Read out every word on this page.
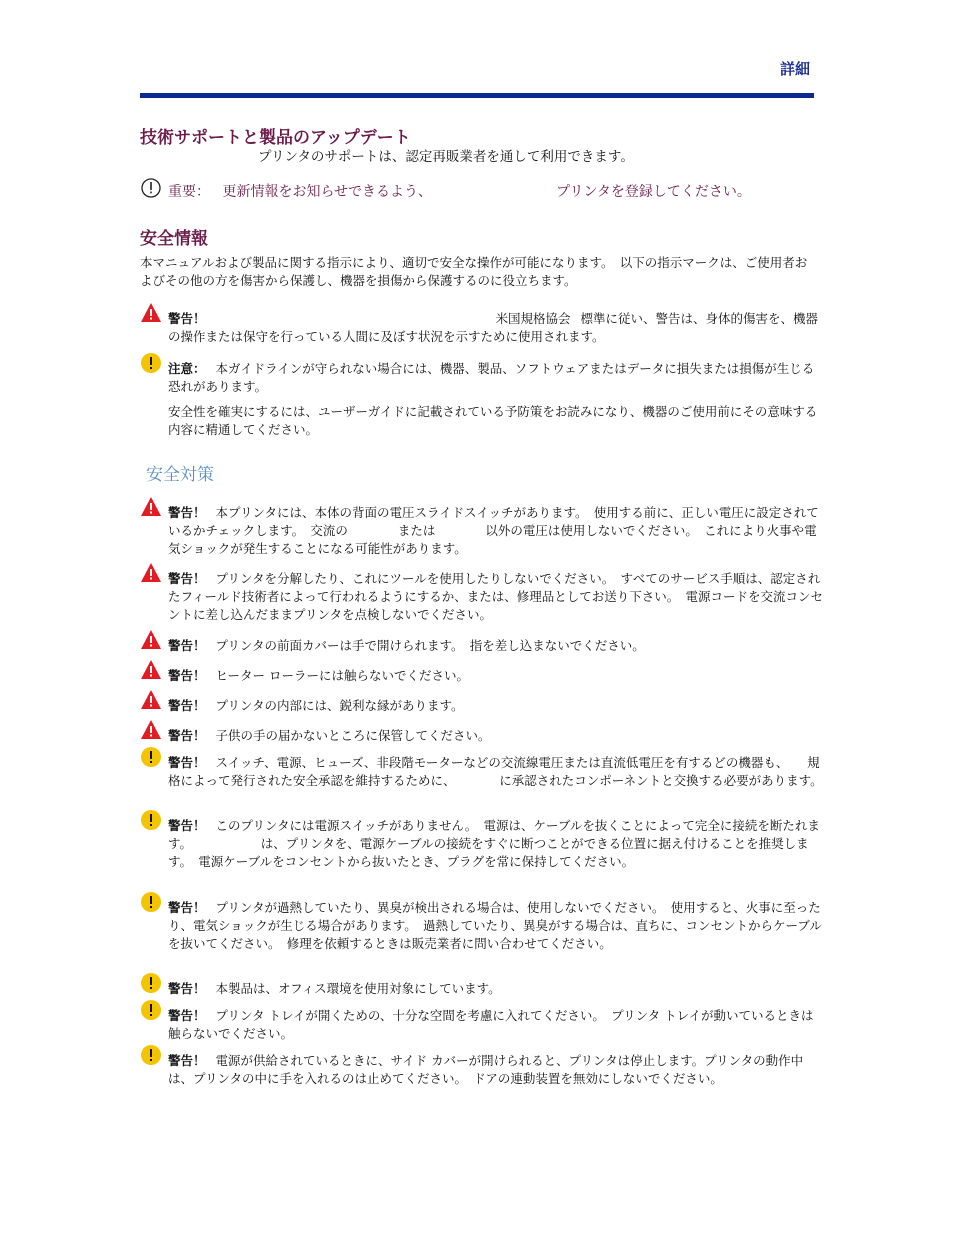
詳細
技術サポートと製品のアップデート
プリンタのサポートは、認定再販業者を通して利用できます。
重要： 更新情報をお知らせできるよう、	プリンタを登録してください。
安全情報
本マニュアルおよび製品に関する指示により、適切で安全な操作が可能になります。　以下の指示マークは、ご使用者およびその他の方を傷害から保護し、機器を損傷から保護するのに役立ちます。
警告！	米国規格協会 標準に従い、警告は、身体的傷害を、機器の操作または保守を行っている人間に及ぼす状況を示すために使用されます。
注意： 本ガイドラインが守られない場合には、機器、製品、ソフトウェアまたはデータに損失または損傷が生じる恐れがあります。
安全性を確実にするには、ユーザーガイドに記載されている予防策をお読みになり、機器のご使用前にその意味する内容に精通してください。
安全対策
警告！ 本プリンタには、本体の背面の電圧スライドスイッチがあります。　使用する前に、正しい電圧に設定されているかチェックします。　交流の　　　　または　　　　以外の電圧は使用しないでください。　これにより火事や電気ショックが発生することになる可能性があります。
警告！ プリンタを分解したり、これにツールを使用したりしないでください。　すべてのサービス手順は、認定されたフィールド技術者によって行われるようにするか、または、修理品としてお送り下さい。　電源コードを交流コンセントに差し込んだままプリンタを点検しないでください。
警告！ プリンタの前面カバーは手で開けられます。　指を差し込まないでください。
警告！ ヒーター ローラーには触らないでください。
警告！ プリンタの内部には、鋭利な縁があります。
警告！ 子供の手の届かないところに保管してください。
警告！ スイッチ、電源、ヒューズ、非段階モーターなどの交流線電圧または直流低電圧を有するどの機器も、　　規格によって発行された安全承認を維持するために、　　　　に承認されたコンポーネントと交換する必要があります。
警告！ このプリンタには電源スイッチがありません。　電源は、ケーブルを抜くことによって完全に接続を断たれます。　　　　　　は、プリンタを、電源ケーブルの接続をすぐに断つことができる位置に据え付けることを推奨します。　電源ケーブルをコンセントから抜いたとき、プラグを常に保持してください。
警告！ プリンタが過熱していたり、異臭が検出される場合は、使用しないでください。　使用すると、火事に至ったり、電気ショックが生じる場合があります。　過熱していたり、異臭がする場合は、直ちに、コンセントからケーブルを抜いてください。　修理を依頼するときは販売業者に問い合わせてください。
警告！ 本製品は、オフィス環境を使用対象にしています。
警告！ プリンタ トレイが開くための、十分な空間を考慮に入れてください。　プリンタ トレイが動いているときは触らないでください。
警告！ 電源が供給されているときに、サイド カバーが開けられると、プリンタは停止します。プリンタの動作中は、プリンタの中に手を入れるのは止めてください。　ドアの連動装置を無効にしないでください。
